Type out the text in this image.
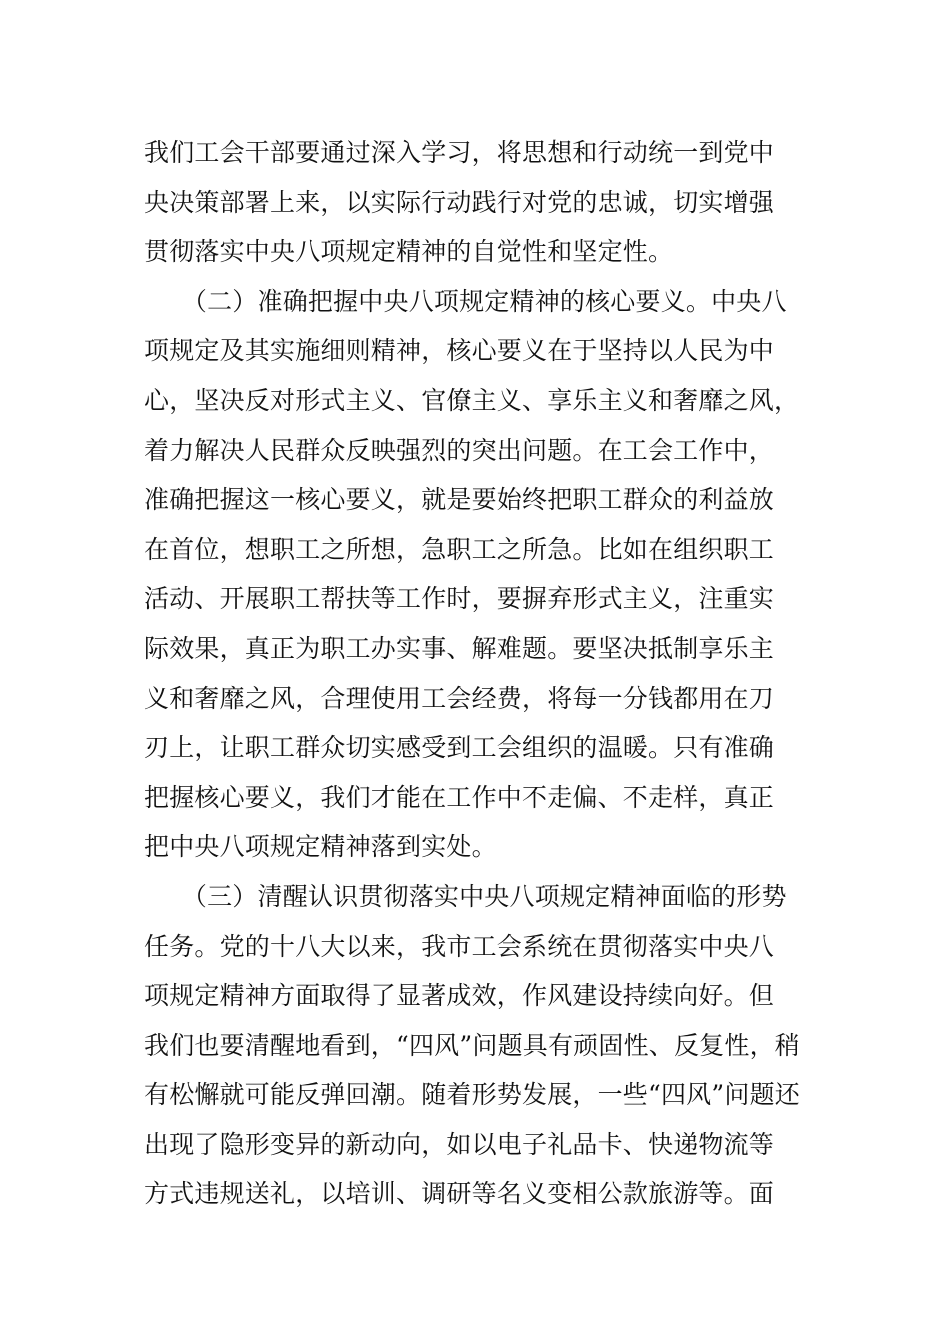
我们工会干部要通过深入学习，将思想和行动统一到党中
央决策部署上来，以实际行动践行对党的忠诚，切实增强
贯彻落实中央八项规定精神的自觉性和坚定性。
　　（二）准确把握中央八项规定精神的核心要义。中央八
项规定及其实施细则精神，核心要义在于坚持以人民为中
心，坚决反对形式主义、官僚主义、享乐主义和奢靡之风，
着力解决人民群众反映强烈的突出问题。在工会工作中，
准确把握这一核心要义，就是要始终把职工群众的利益放
在首位，想职工之所想，急职工之所急。比如在组织职工
活动、开展职工帮扶等工作时，要摒弃形式主义，注重实
际效果，真正为职工办实事、解难题。要坚决抵制享乐主
义和奢靡之风，合理使用工会经费，将每一分钱都用在刀
刃上，让职工群众切实感受到工会组织的温暖。只有准确
把握核心要义，我们才能在工作中不走偏、不走样，真正
把中央八项规定精神落到实处。
　　（三）清醒认识贯彻落实中央八项规定精神面临的形势
任务。党的十八大以来，我市工会系统在贯彻落实中央八
项规定精神方面取得了显著成效，作风建设持续向好。但
我们也要清醒地看到，“四风”问题具有顽固性、反复性，稍
有松懈就可能反弹回潮。随着形势发展，一些“四风”问题还
出现了隐形变异的新动向，如以电子礼品卡、快递物流等
方式违规送礼，以培训、调研等名义变相公款旅游等。面
